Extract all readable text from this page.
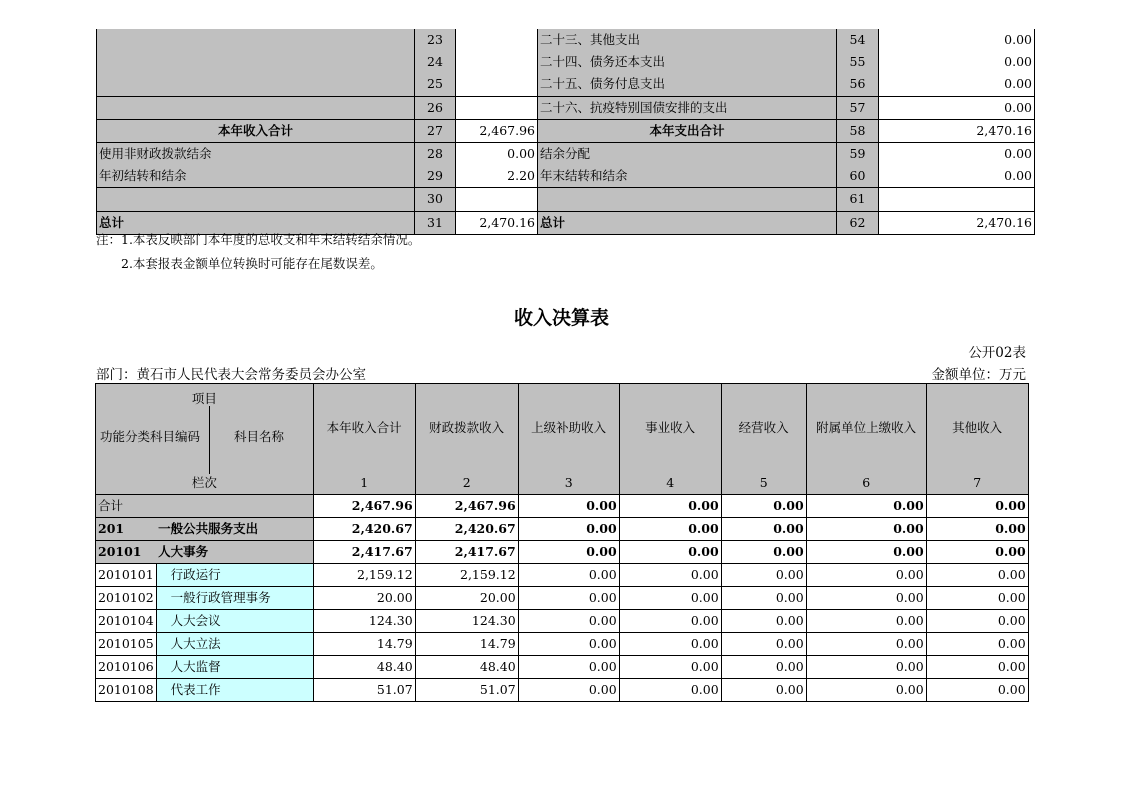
	23		二十三、其他支出	54	0.00
	24		二十四、债务还本支出	55	0.00
	25		二十五、债务付息支出	56	0.00
	26		二十六、抗疫特别国债安排的支出	57	0.00
本年收入合计	27	2,467.96	本年支出合计	58	2,470.16
使用非财政拨款结余	28	0.00	结余分配	59	0.00
年初结转和结余	29	2.20	年末结转和结余	60	0.00
	30			61	
总计	31	2,470.16	总计	62	2,470.16
注：1.本表反映部门本年度的总收支和年末结转结余情况。
2.本套报表金额单位转换时可能存在尾数误差。
收入决算表
公开02表
部门：黄石市人民代表大会常务委员会办公室	金额单位：万元
项目
功能分类科目编码 科目名称
栏次		本年收入合计	财政拨款收入	上级补助收入	事业收入	经营收入	附属单位上缴收入	其他收入
		1	2	3	4	5	6	7
合计		2,467.96	2,467.96	0.00	0.00	0.00	0.00	0.00
201	一般公共服务支出	2,420.67	2,420.67	0.00	0.00	0.00	0.00	0.00
20101	人大事务	2,417.67	2,417.67	0.00	0.00	0.00	0.00	0.00
2010101	行政运行	2,159.12	2,159.12	0.00	0.00	0.00	0.00	0.00
2010102	一般行政管理事务	20.00	20.00	0.00	0.00	0.00	0.00	0.00
2010104	人大会议	124.30	124.30	0.00	0.00	0.00	0.00	0.00
2010105	人大立法	14.79	14.79	0.00	0.00	0.00	0.00	0.00
2010106	人大监督	48.40	48.40	0.00	0.00	0.00	0.00	0.00
2010108	代表工作	51.07	51.07	0.00	0.00	0.00	0.00	0.00
